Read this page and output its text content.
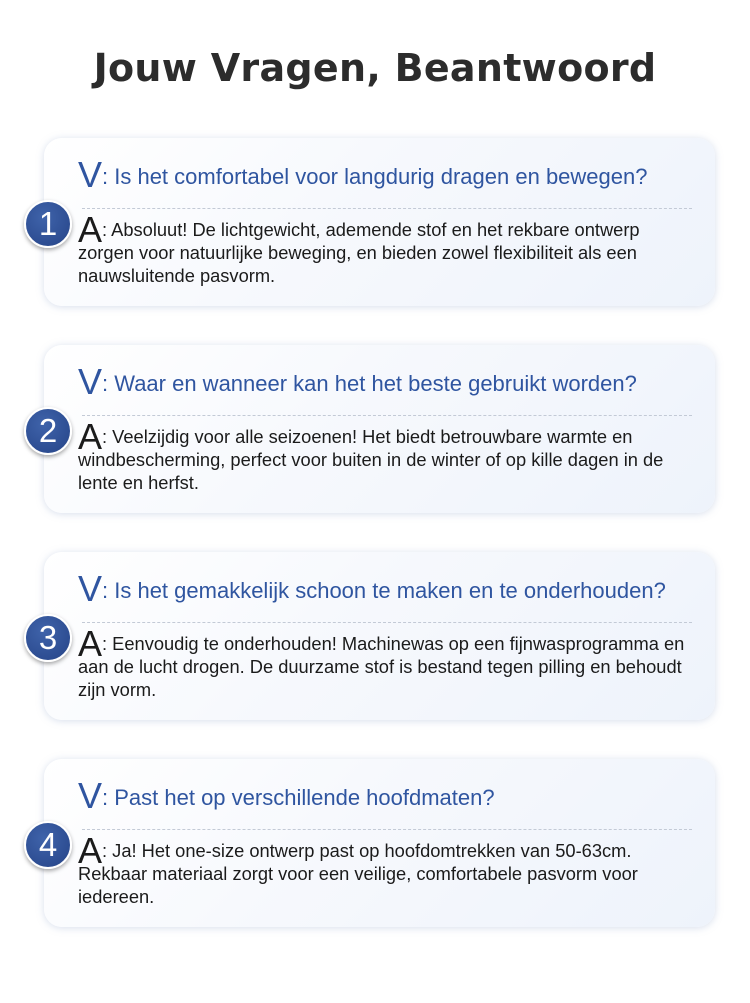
Jouw Vragen, Beantwoord
1
V: Is het comfortabel voor langdurig dragen en bewegen?
A: Absoluut! De lichtgewicht, ademende stof en het rekbare ontwerp zorgen voor natuurlijke beweging, en bieden zowel flexibiliteit als een nauwsluitende pasvorm.
2
V: Waar en wanneer kan het het beste gebruikt worden?
A: Veelzijdig voor alle seizoenen! Het biedt betrouwbare warmte en windbescherming, perfect voor buiten in de winter of op kille dagen in de lente en herfst.
3
V: Is het gemakkelijk schoon te maken en te onderhouden?
A: Eenvoudig te onderhouden! Machinewas op een fijnwasprogramma en aan de lucht drogen. De duurzame stof is bestand tegen pilling en behoudt zijn vorm.
4
V: Past het op verschillende hoofdmaten?
A: Ja! Het one-size ontwerp past op hoofdomtrekken van 50-63cm. Rekbaar materiaal zorgt voor een veilige, comfortabele pasvorm voor iedereen.
